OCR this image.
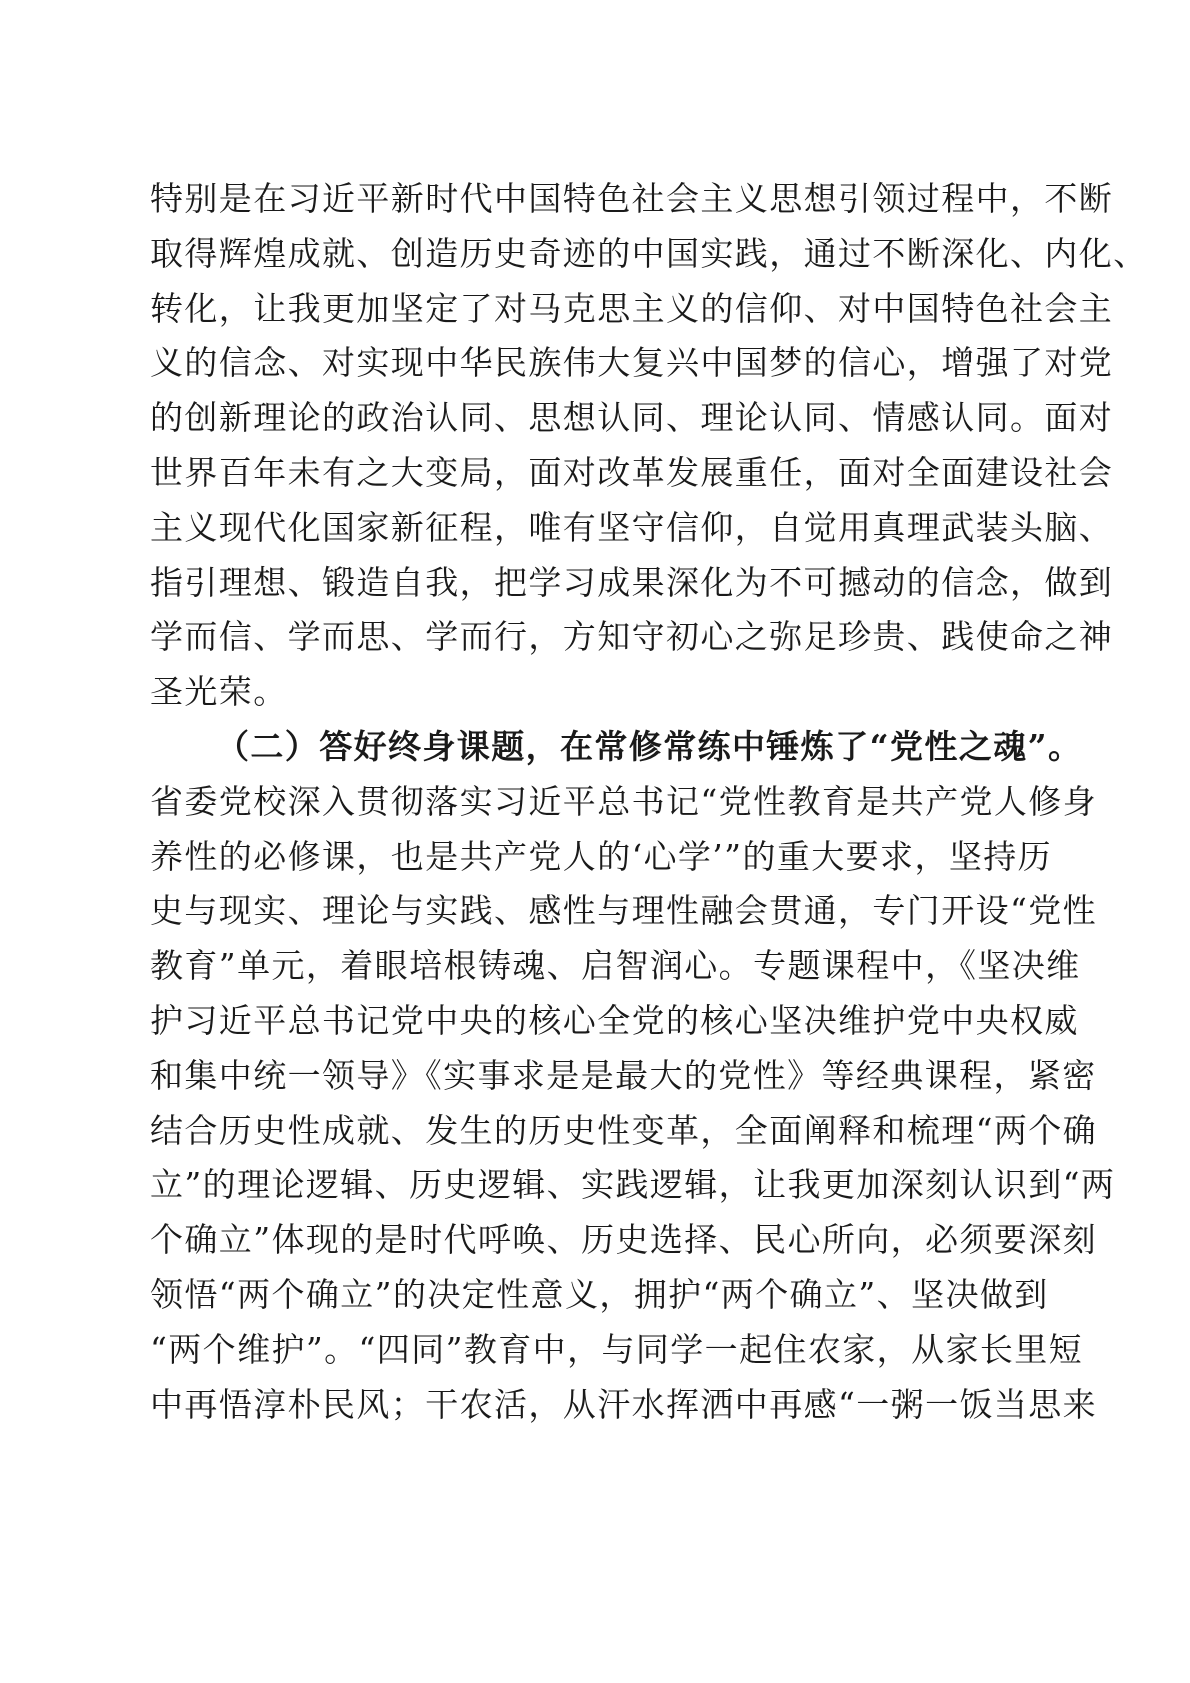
特别是在习近平新时代中国特色社会主义思想引领过程中，不断
取得辉煌成就、创造历史奇迹的中国实践，通过不断深化、内化、
转化，让我更加坚定了对马克思主义的信仰、对中国特色社会主
义的信念、对实现中华民族伟大复兴中国梦的信心，增强了对党
的创新理论的政治认同、思想认同、理论认同、情感认同。面对
世界百年未有之大变局，面对改革发展重任，面对全面建设社会
主义现代化国家新征程，唯有坚守信仰，自觉用真理武装头脑、
指引理想、锻造自我，把学习成果深化为不可撼动的信念，做到
学而信、学而思、学而行，方知守初心之弥足珍贵、践使命之神
圣光荣。
（二）答好终身课题，在常修常练中锤炼了“党性之魂”。
省委党校深入贯彻落实习近平总书记“党性教育是共产党人修身
养性的必修课，也是共产党人的‘心学’”的重大要求，坚持历
史与现实、理论与实践、感性与理性融会贯通，专门开设“党性
教育”单元，着眼培根铸魂、启智润心。专题课程中，《坚决维
护习近平总书记党中央的核心全党的核心坚决维护党中央权威
和集中统一领导》《实事求是是最大的党性》等经典课程，紧密
结合历史性成就、发生的历史性变革，全面阐释和梳理“两个确
立”的理论逻辑、历史逻辑、实践逻辑，让我更加深刻认识到“两
个确立”体现的是时代呼唤、历史选择、民心所向，必须要深刻
领悟“两个确立”的决定性意义，拥护“两个确立”、坚决做到
“两个维护”。“四同”教育中，与同学一起住农家，从家长里短
中再悟淳朴民风；干农活，从汗水挥洒中再感“一粥一饭当思来
